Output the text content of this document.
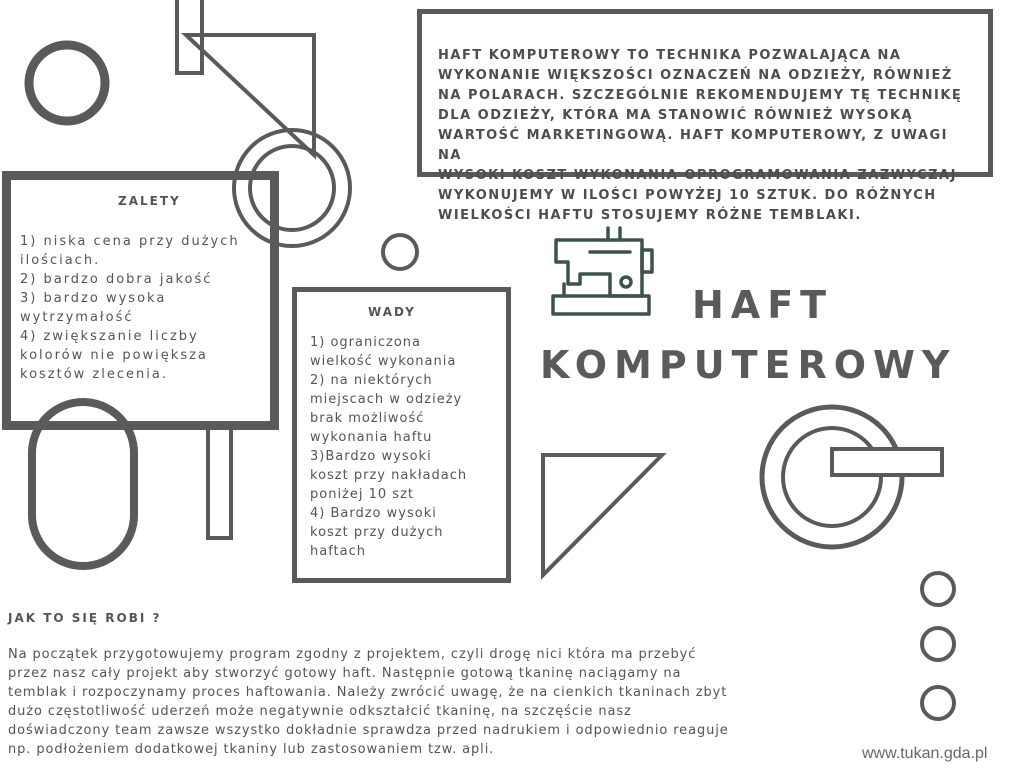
HAFT KOMPUTEROWY TO TECHNIKA POZWALAJĄCA NA
WYKONANIE WIĘKSZOŚCI OZNACZEŃ NA ODZIEŻY, RÓWNIEŻ
NA POLARACH. SZCZEGÓLNIE REKOMENDUJEMY TĘ TECHNIKĘ
DLA ODZIEŻY, KTÓRA MA STANOWIĆ RÓWNIEŻ WYSOKĄ
WARTOŚĆ MARKETINGOWĄ. HAFT KOMPUTEROWY, Z UWAGI NA
WYSOKI KOSZT WYKONANIA OPROGRAMOWANIA ZAZWYCZAJ
WYKONUJEMY W ILOŚCI POWYŻEJ 10 SZTUK. DO RÓŻNYCH
WIELKOŚCI HAFTU STOSUJEMY RÓŻNE TEMBLAKI.

ZALETY
1) niska cena przy dużych
ilościach.
2) bardzo dobra jakość
3) bardzo wysoka
wytrzymałość
4) zwiększanie liczby
kolorów nie powiększa
kosztów zlecenia.
WADY
1) ograniczona
wielkość wykonania
2) na niektórych
miejscach w odzieży
brak możliwość
wykonania haftu
3)Bardzo wysoki
koszt przy nakładach
poniżej 10 szt
4) Bardzo wysoki
koszt przy dużych
haftach
HAFT
KOMPUTEROWY
JAK TO SIĘ ROBI ?
Na początek przygotowujemy program zgodny z projektem, czyli drogę nici która ma przebyć
przez nasz cały projekt aby stworzyć gotowy haft. Następnie gotową tkaninę naciągamy na
temblak i rozpoczynamy proces haftowania. Należy zwrócić uwagę, że na cienkich tkaninach zbyt
dużo częstotliwość uderzeń może negatywnie odkształcić tkaninę, na szczęście nasz
doświadczony team zawsze wszystko dokładnie sprawdza przed nadrukiem i odpowiednio reaguje
np. podłożeniem dodatkowej tkaniny lub zastosowaniem tzw. apli.	www.tukan.gda.pl
